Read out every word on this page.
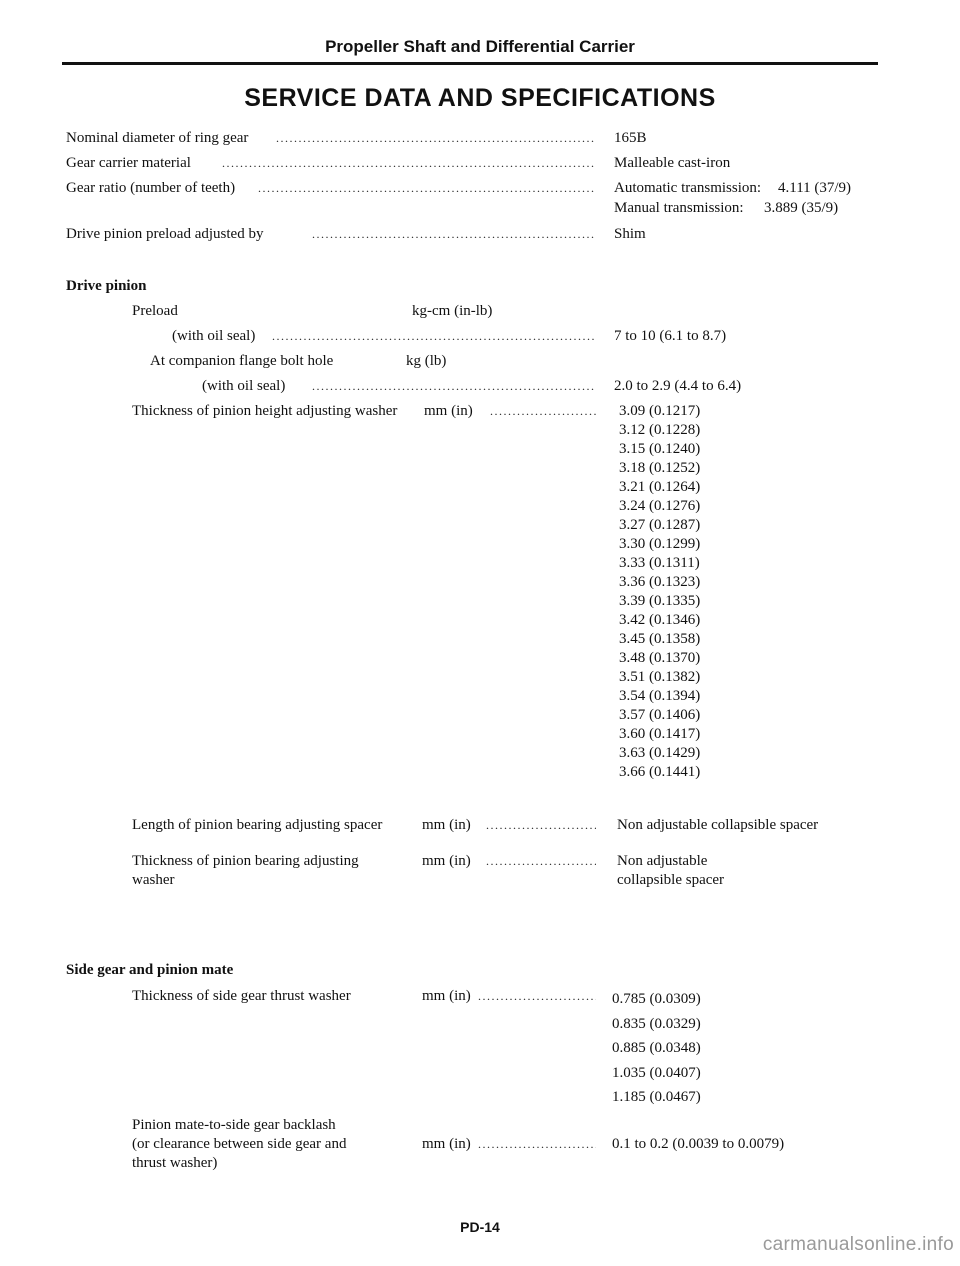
Propeller Shaft and Differential Carrier
SERVICE DATA AND SPECIFICATIONS
Nominal diameter of ring gear .....	165B
Gear carrier material .....	Malleable cast-iron
Gear ratio (number of teeth) .....	Automatic transmission: 4.111 (37/9)
Manual transmission: 3.889 (35/9)
Drive pinion preload adjusted by .....	Shim
Drive pinion
Preload	kg-cm (in-lb)
(with oil seal) .....	7 to 10 (6.1 to 8.7)
At companion flange bolt hole	kg (lb)
(with oil seal) .....	2.0 to 2.9 (4.4 to 6.4)
Thickness of pinion height adjusting washer mm (in) .....	3.09 (0.1217)
3.12 (0.1228)
3.15 (0.1240)
3.18 (0.1252)
3.21 (0.1264)
3.24 (0.1276)
3.27 (0.1287)
3.30 (0.1299)
3.33 (0.1311)
3.36 (0.1323)
3.39 (0.1335)
3.42 (0.1346)
3.45 (0.1358)
3.48 (0.1370)
3.51 (0.1382)
3.54 (0.1394)
3.57 (0.1406)
3.60 (0.1417)
3.63 (0.1429)
3.66 (0.1441)
Length of pinion bearing adjusting spacer	mm (in) .....	Non adjustable collapsible spacer
Thickness of pinion bearing adjusting
washer
mm (in) .....	Non adjustable
collapsible spacer
Side gear and pinion mate
Thickness of side gear thrust washer	mm (in) .....	0.785 (0.0309)
0.835 (0.0329)
0.885 (0.0348)
1.035 (0.0407)
1.185 (0.0467)
Pinion mate-to-side gear backlash
(or clearance between side gear and
thrust washer)
mm (in) .....	0.1 to 0.2 (0.0039 to 0.0079)
PD-14
carmanualsonline.info
